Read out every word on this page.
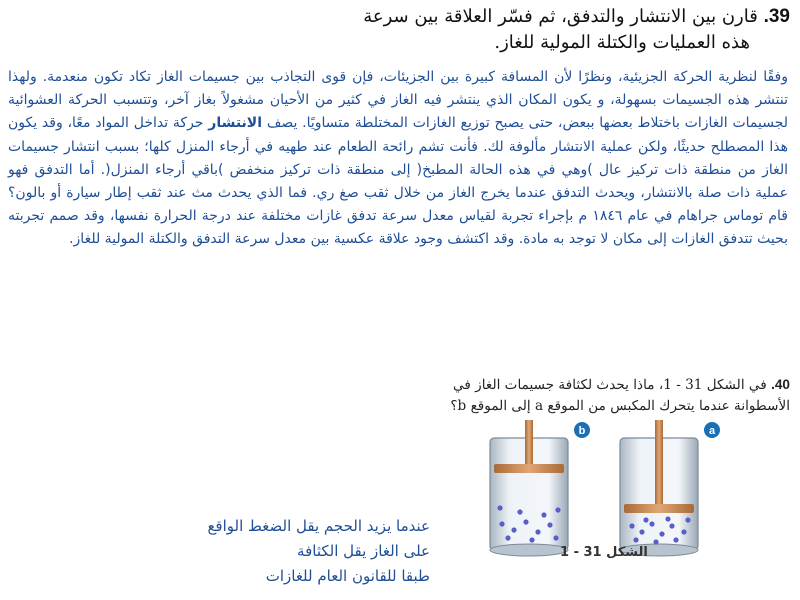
39. قارن بين الانتشار والتدفق، ثم فسّر العلاقة بين سرعة
هذه العمليات والكتلة المولية للغاز.
وفقًا لنظرية الحركة الجزيئية، ونظرًا لأن المسافة كبيرة بين الجزيئات، فإن قوى التجاذب بين جسيمات الغاز تكاد تكون منعدمة. ولهذا تنتشر هذه الجسيمات بسهولة، و يكون المكان الذي ينتشر فيه الغاز في كثير من الأحيان مشغولاً بغاز آخر، وتتسبب الحركة العشوائية لجسيمات الغازات باختلاط بعضها ببعض، حتى يصبح توزيع الغازات المختلطة متساويًا. يصف الانتشار حركة تداخل المواد معًا، وقد يكون هذا المصطلح حديثًا، ولكن عملية الانتشار مألوفة لك. فأنت تشم رائحة الطعام عند طهيه في أرجاء المنزل كلها؛ بسبب انتشار جسيمات الغاز من منطقة ذات تركيز عال )وهي في هذه الحالة المطبخ( إلى منطقة ذات تركيز منخفض )باقي أرجاء المنزل(. أما التدفق فهو عملية ذات صلة بالانتشار، ويحدث التدفق عندما يخرج الغاز من خلال ثقب صغ ري. فما الذي يحدث مث عند ثقب إطار سيارة أو بالون؟ قام توماس جراهام في عام ١٨٤٦ م بإجراء تجربة لقياس معدل سرعة تدفق غازات مختلفة عند درجة الحرارة نفسها، وقد صمم تجربته بحيث تتدفق الغازات إلى مكان لا توجد به مادة. وقد اكتشف وجود علاقة عكسية بين معدل سرعة التدفق والكتلة المولية للغاز.
40. في الشكل 31 - 1، ماذا يحدث لكثافة جسيمات الغاز في الأسطوانة عندما يتحرك المكبس من الموقع a إلى الموقع b؟
b	a
الشكل 31 - 1
عندما يزيد الحجم يقل الضغط الواقع على الغاز يقل الكثافة
طبقا للقانون العام للغازات
